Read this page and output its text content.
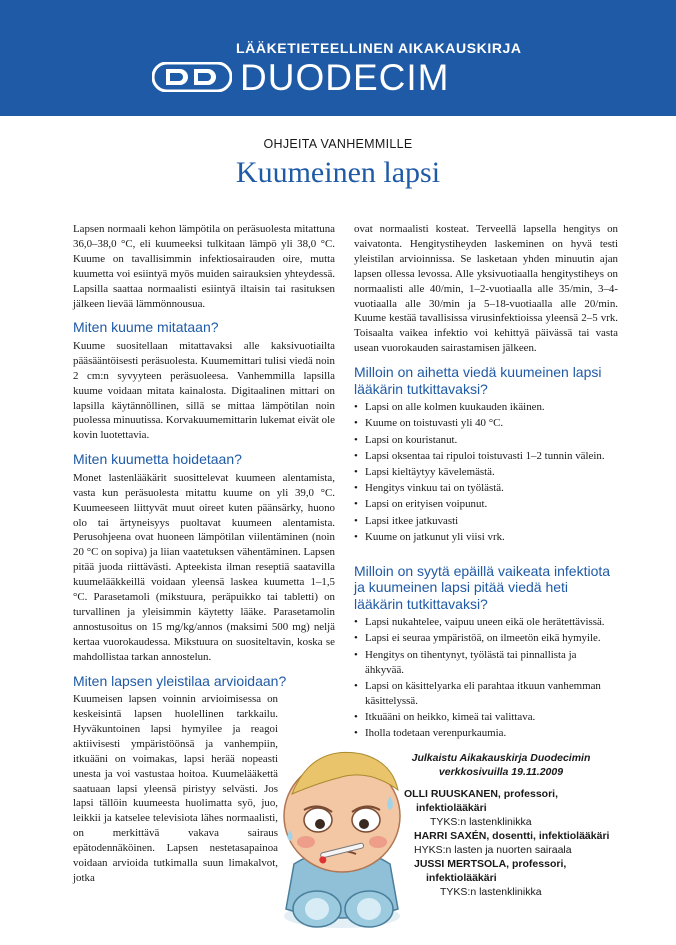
LÄÄKETIETEELLINEN AIKAKAUSKIRJA
DUODECIM
OHJEITA VANHEMMILLE
Kuumeinen lapsi

Lapsen normaali kehon lämpötila on peräsuolesta mitattuna 36,0–38,0 °C, eli kuumeeksi tulkitaan lämpö yli 38,0 °C. Kuume on tavallisimmin infektiosairauden oire, mutta kuumetta voi esiintyä myös muiden sairauksien yhteydessä. Lapsilla saattaa normaalisti esiintyä iltaisin tai rasituksen jälkeen lievää lämmönnousua.

Miten kuume mitataan?

Kuume suositellaan mitattavaksi alle kaksivuotiailta pääsääntöisesti peräsuolesta. Kuumemittari tulisi viedä noin 2 cm:n syvyyteen peräsuoleesa. Vanhemmilla lapsilla kuume voidaan mitata kainalosta. Digitaalinen mittari on lapsilla käytännöllinen, sillä se mittaa lämpötilan noin puolessa minuutissa. Korvakuumemittarin lukemat eivät ole kovin luotettavia.

Miten kuumetta hoidetaan?

Monet lastenlääkärit suosittelevat kuumeen alentamista, vasta kun peräsuolesta mitattu kuume on yli 39,0 °C. Kuumeeseen liittyvät muut oireet kuten päänsärky, huono olo tai ärtyneisyys puoltavat kuumeen alentamista. Perusohjeena ovat huoneen lämpötilan viilentäminen (noin 20 °C on sopiva) ja liian vaatetuksen vähentäminen. Lapsen pitää juoda riittävästi. Apteekista ilman reseptiä saatavilla kuumelääkkeillä voidaan yleensä laskea kuumetta 1–1,5 °C. Parasetamoli (mikstuura, peräpuikko tai tabletti) on turvallinen ja yleisimmin käytetty lääke. Parasetamolin annostusoitus on 15 mg/kg/annos (maksimi 500 mg) neljä kertaa vuorokaudessa. Mikstuura on suositeltavin, koska se mahdollistaa tarkan annostelun.

Miten lapsen yleistilaa arvioidaan?

Kuumeisen lapsen voinnin arvioimisessa on keskeisintä lapsen huolellinen tarkkailu. Hyväkuntoinen lapsi hymyilee ja reagoi aktiivisesti ympäristöönsä ja vanhempiin, itkuääni on voimakas, lapsi herää nopeasti unesta ja voi vastustaa hoitoa. Kuumelääkettä saatuaan lapsi yleensä piristyy selvästi. Jos lapsi tällöin kuumeesta huolimatta syö, juo, leikkii ja katselee televisiota lähes normaalisti, on merkittävä vakava sairaus epätodennäköinen. Lapsen nestetasapainoa voidaan arvioida tutkimalla suun limakalvot, jotka

ovat normaalisti kosteat. Terveellä lapsella hengitys on vaivatonta. Hengitystiheyden laskeminen on hyvä testi yleistilan arvioinnissa. Se lasketaan yhden minuutin ajan lapsen ollessa levossa. Alle yksivuotiaalla hengitystiheys on normaalisti alle 40/min, 1–2-vuotiaalla alle 35/min, 3–4-vuotiaalla alle 30/min ja 5–18-vuotiaalla alle 20/min. Kuume kestää tavallisissa virusinfektioissa yleensä 2–5 vrk. Toisaalta vaikea infektio voi kehittyä päivässä tai vasta usean vuorokauden sairastamisen jälkeen.

Milloin on aihetta viedä kuumeinen lapsi lääkärin tutkittavaksi?
• Lapsi on alle kolmen kuukauden ikäinen.
• Kuume on toistuvasti yli 40 °C.
• Lapsi on kouristanut.
• Lapsi oksentaa tai ripuloi toistuvasti 1–2 tunnin välein.
• Lapsi kieltäytyy kävelemästä.
• Hengitys vinkuu tai on työlästä.
• Lapsi on erityisen voipunut.
• Lapsi itkee jatkuvasti
• Kuume on jatkunut yli viisi vrk.
Milloin on syytä epäillä vaikeata infektiota ja kuumeinen lapsi pitää viedä heti lääkärin tutkittavaksi?
• Lapsi nukahtelee, vaipuu uneen eikä ole herätettävissä.
• Lapsi ei seuraa ympäristöä, on ilmeetön eikä hymyile.
• Hengitys on tihentynyt, työlästä tai pinnallista ja ähkyvää.
• Lapsi on käsittelyarka eli parahtaa itkuun vanhemman käsittelyssä.
• Itkuääni on heikko, kimeä tai valittava.
• Iholla todetaan verenpurkaumia.
Julkaistu Aikakauskirja Duodecimin
verkkosivuilla 19.11.2009
OLLI RUUSKANEN, professori,
infektiolääkäri
TYKS:n lastenklinikka
HARRI SAXÉN, dosentti, infektiolääkäri
HYKS:n lasten ja nuorten sairaala
JUSSI MERTSOLA, professori,
infektiolääkäri
TYKS:n lastenklinikka
